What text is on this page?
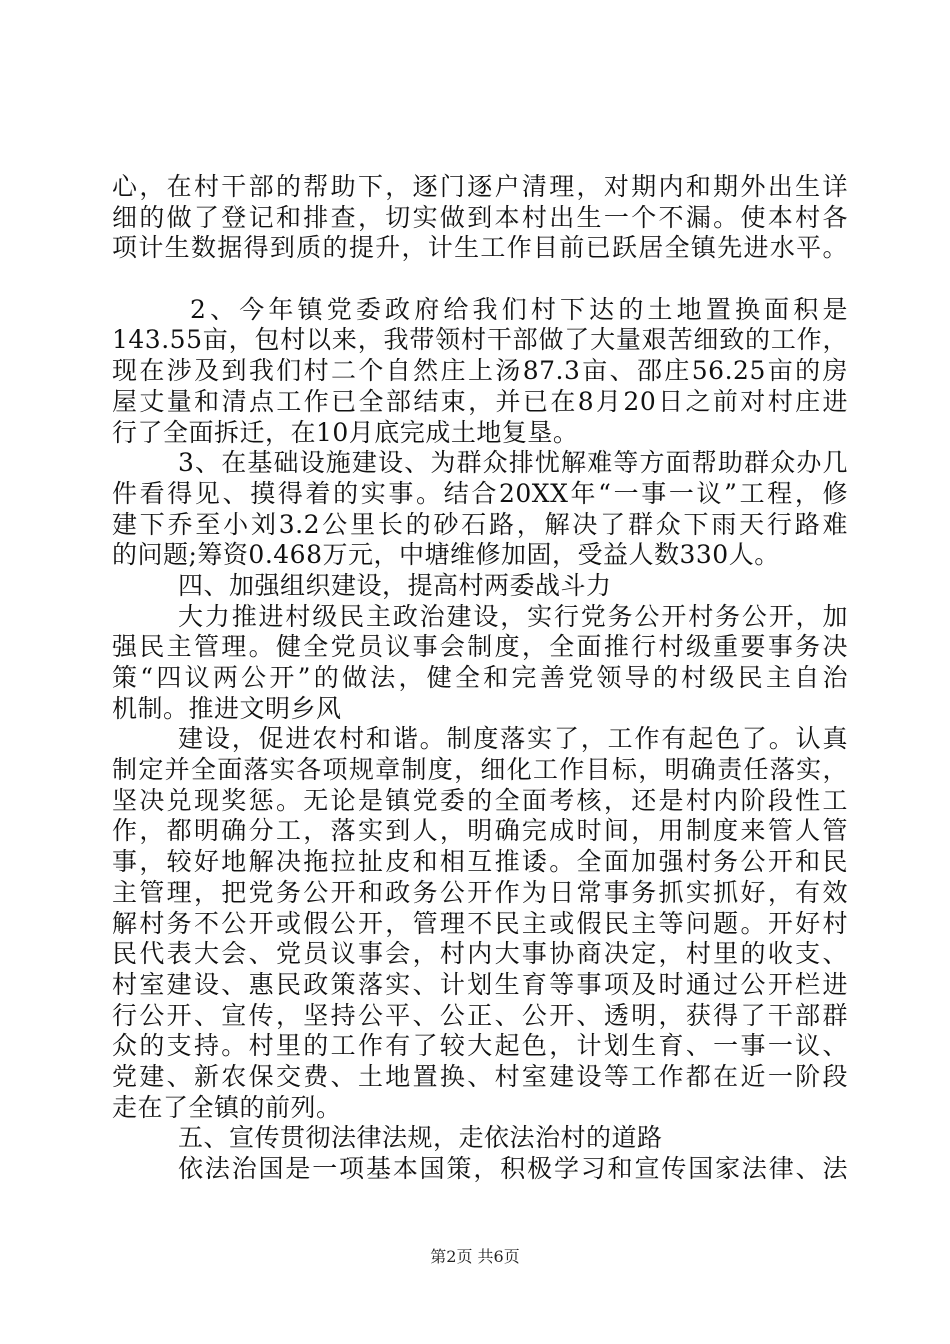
心，在村干部的帮助下，逐门逐户清理，对期内和期外出生详
细的做了登记和排查，切实做到本村出生一个不漏。使本村各
项计生数据得到质的提升，计生工作目前已跃居全镇先进水平。
2、今年镇党委政府给我们村下达的土地置换面积是
143.55亩，包村以来，我带领村干部做了大量艰苦细致的工作，
现在涉及到我们村二个自然庄上汤87.3亩、邵庄56.25亩的房
屋丈量和清点工作已全部结束，并已在8月20日之前对村庄进
行了全面拆迁，在10月底完成土地复垦。
3、在基础设施建设、为群众排忧解难等方面帮助群众办几
件看得见、摸得着的实事。结合20XX年“一事一议”工程，修
建下乔至小刘3.2公里长的砂石路，解决了群众下雨天行路难
的问题;筹资0.468万元，中塘维修加固，受益人数330人。
四、加强组织建设，提高村两委战斗力
大力推进村级民主政治建设，实行党务公开村务公开，加
强民主管理。健全党员议事会制度，全面推行村级重要事务决
策“四议两公开”的做法，健全和完善党领导的村级民主自治
机制。推进文明乡风
建设，促进农村和谐。制度落实了，工作有起色了。认真
制定并全面落实各项规章制度，细化工作目标，明确责任落实，
坚决兑现奖惩。无论是镇党委的全面考核，还是村内阶段性工
作，都明确分工，落实到人，明确完成时间，用制度来管人管
事，较好地解决拖拉扯皮和相互推诿。全面加强村务公开和民
主管理，把党务公开和政务公开作为日常事务抓实抓好，有效
解村务不公开或假公开，管理不民主或假民主等问题。开好村
民代表大会、党员议事会，村内大事协商决定，村里的收支、
村室建设、惠民政策落实、计划生育等事项及时通过公开栏进
行公开、宣传，坚持公平、公正、公开、透明，获得了干部群
众的支持。村里的工作有了较大起色，计划生育、一事一议、
党建、新农保交费、土地置换、村室建设等工作都在近一阶段
走在了全镇的前列。
五、宣传贯彻法律法规，走依法治村的道路
依法治国是一项基本国策，积极学习和宣传国家法律、法
第2页 共6页
